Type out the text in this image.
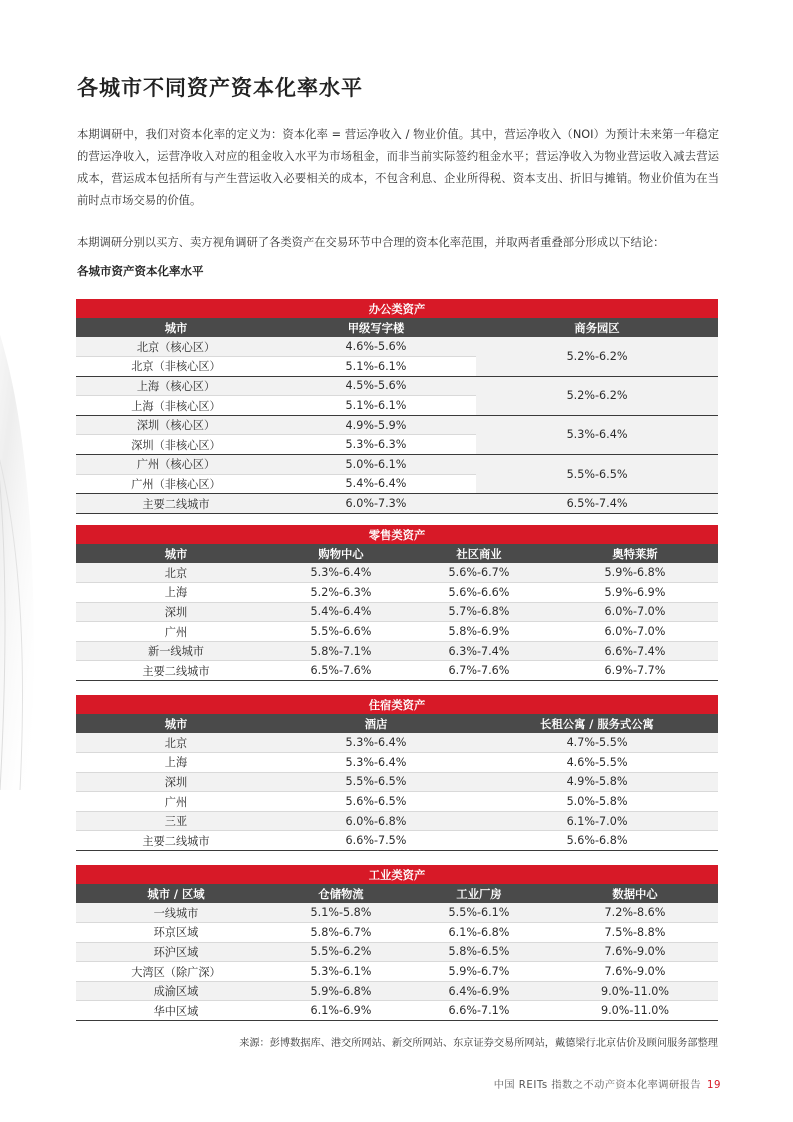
各城市不同资产资本化率水平

本期调研中，我们对资本化率的定义为：资本化率 = 营运净收入 / 物业价值。其中，营运净收入（NOI）为预计未来第一年稳定的营运净收入，运营净收入对应的租金收入水平为市场租金，而非当前实际签约租金水平；营运净收入为物业营运收入减去营运成本，营运成本包括所有与产生营运收入必要相关的成本，不包含利息、企业所得税、资本支出、折旧与摊销。物业价值为在当前时点市场交易的价值。

本期调研分别以买方、卖方视角调研了各类资产在交易环节中合理的资本化率范围，并取两者重叠部分形成以下结论：

各城市资产资本化率水平
办公类资产		
城市	甲级写字楼	商务园区
北京（核心区）	4.6%-5.6%	5.2%-6.2%
北京（非核心区）	5.1%-6.1%	
上海（核心区）	4.5%-5.6%	5.2%-6.2%
上海（非核心区）	5.1%-6.1%	
深圳（核心区）	4.9%-5.9%	5.3%-6.4%
深圳（非核心区）	5.3%-6.3%	
广州（核心区）	5.0%-6.1%	5.5%-6.5%
广州（非核心区）	5.4%-6.4%	
主要二线城市	6.0%-7.3%	6.5%-7.4%
零售类资产			
城市	购物中心	社区商业	奥特莱斯
北京	5.3%-6.4%	5.6%-6.7%	5.9%-6.8%
上海	5.2%-6.3%	5.6%-6.6%	5.9%-6.9%
深圳	5.4%-6.4%	5.7%-6.8%	6.0%-7.0%
广州	5.5%-6.6%	5.8%-6.9%	6.0%-7.0%
新一线城市	5.8%-7.1%	6.3%-7.4%	6.6%-7.4%
主要二线城市	6.5%-7.6%	6.7%-7.6%	6.9%-7.7%
住宿类资产		
城市	酒店	长租公寓 / 服务式公寓
北京	5.3%-6.4%	4.7%-5.5%
上海	5.3%-6.4%	4.6%-5.5%
深圳	5.5%-6.5%	4.9%-5.8%
广州	5.6%-6.5%	5.0%-5.8%
三亚	6.0%-6.8%	6.1%-7.0%
主要二线城市	6.6%-7.5%	5.6%-6.8%
工业类资产			
城市 / 区域	仓储物流	工业厂房	数据中心
一线城市	5.1%-5.8%	5.5%-6.1%	7.2%-8.6%
环京区域	5.8%-6.7%	6.1%-6.8%	7.5%-8.8%
环沪区域	5.5%-6.2%	5.8%-6.5%	7.6%-9.0%
大湾区（除广深）	5.3%-6.1%	5.9%-6.7%	7.6%-9.0%
成渝区域	5.9%-6.8%	6.4%-6.9%	9.0%-11.0%
华中区域	6.1%-6.9%	6.6%-7.1%	9.0%-11.0%
来源：彭博数据库、港交所网站、新交所网站、东京证券交易所网站，戴德梁行北京估价及顾问服务部整理
中国 REITs 指数之不动产资本化率调研报告 19
